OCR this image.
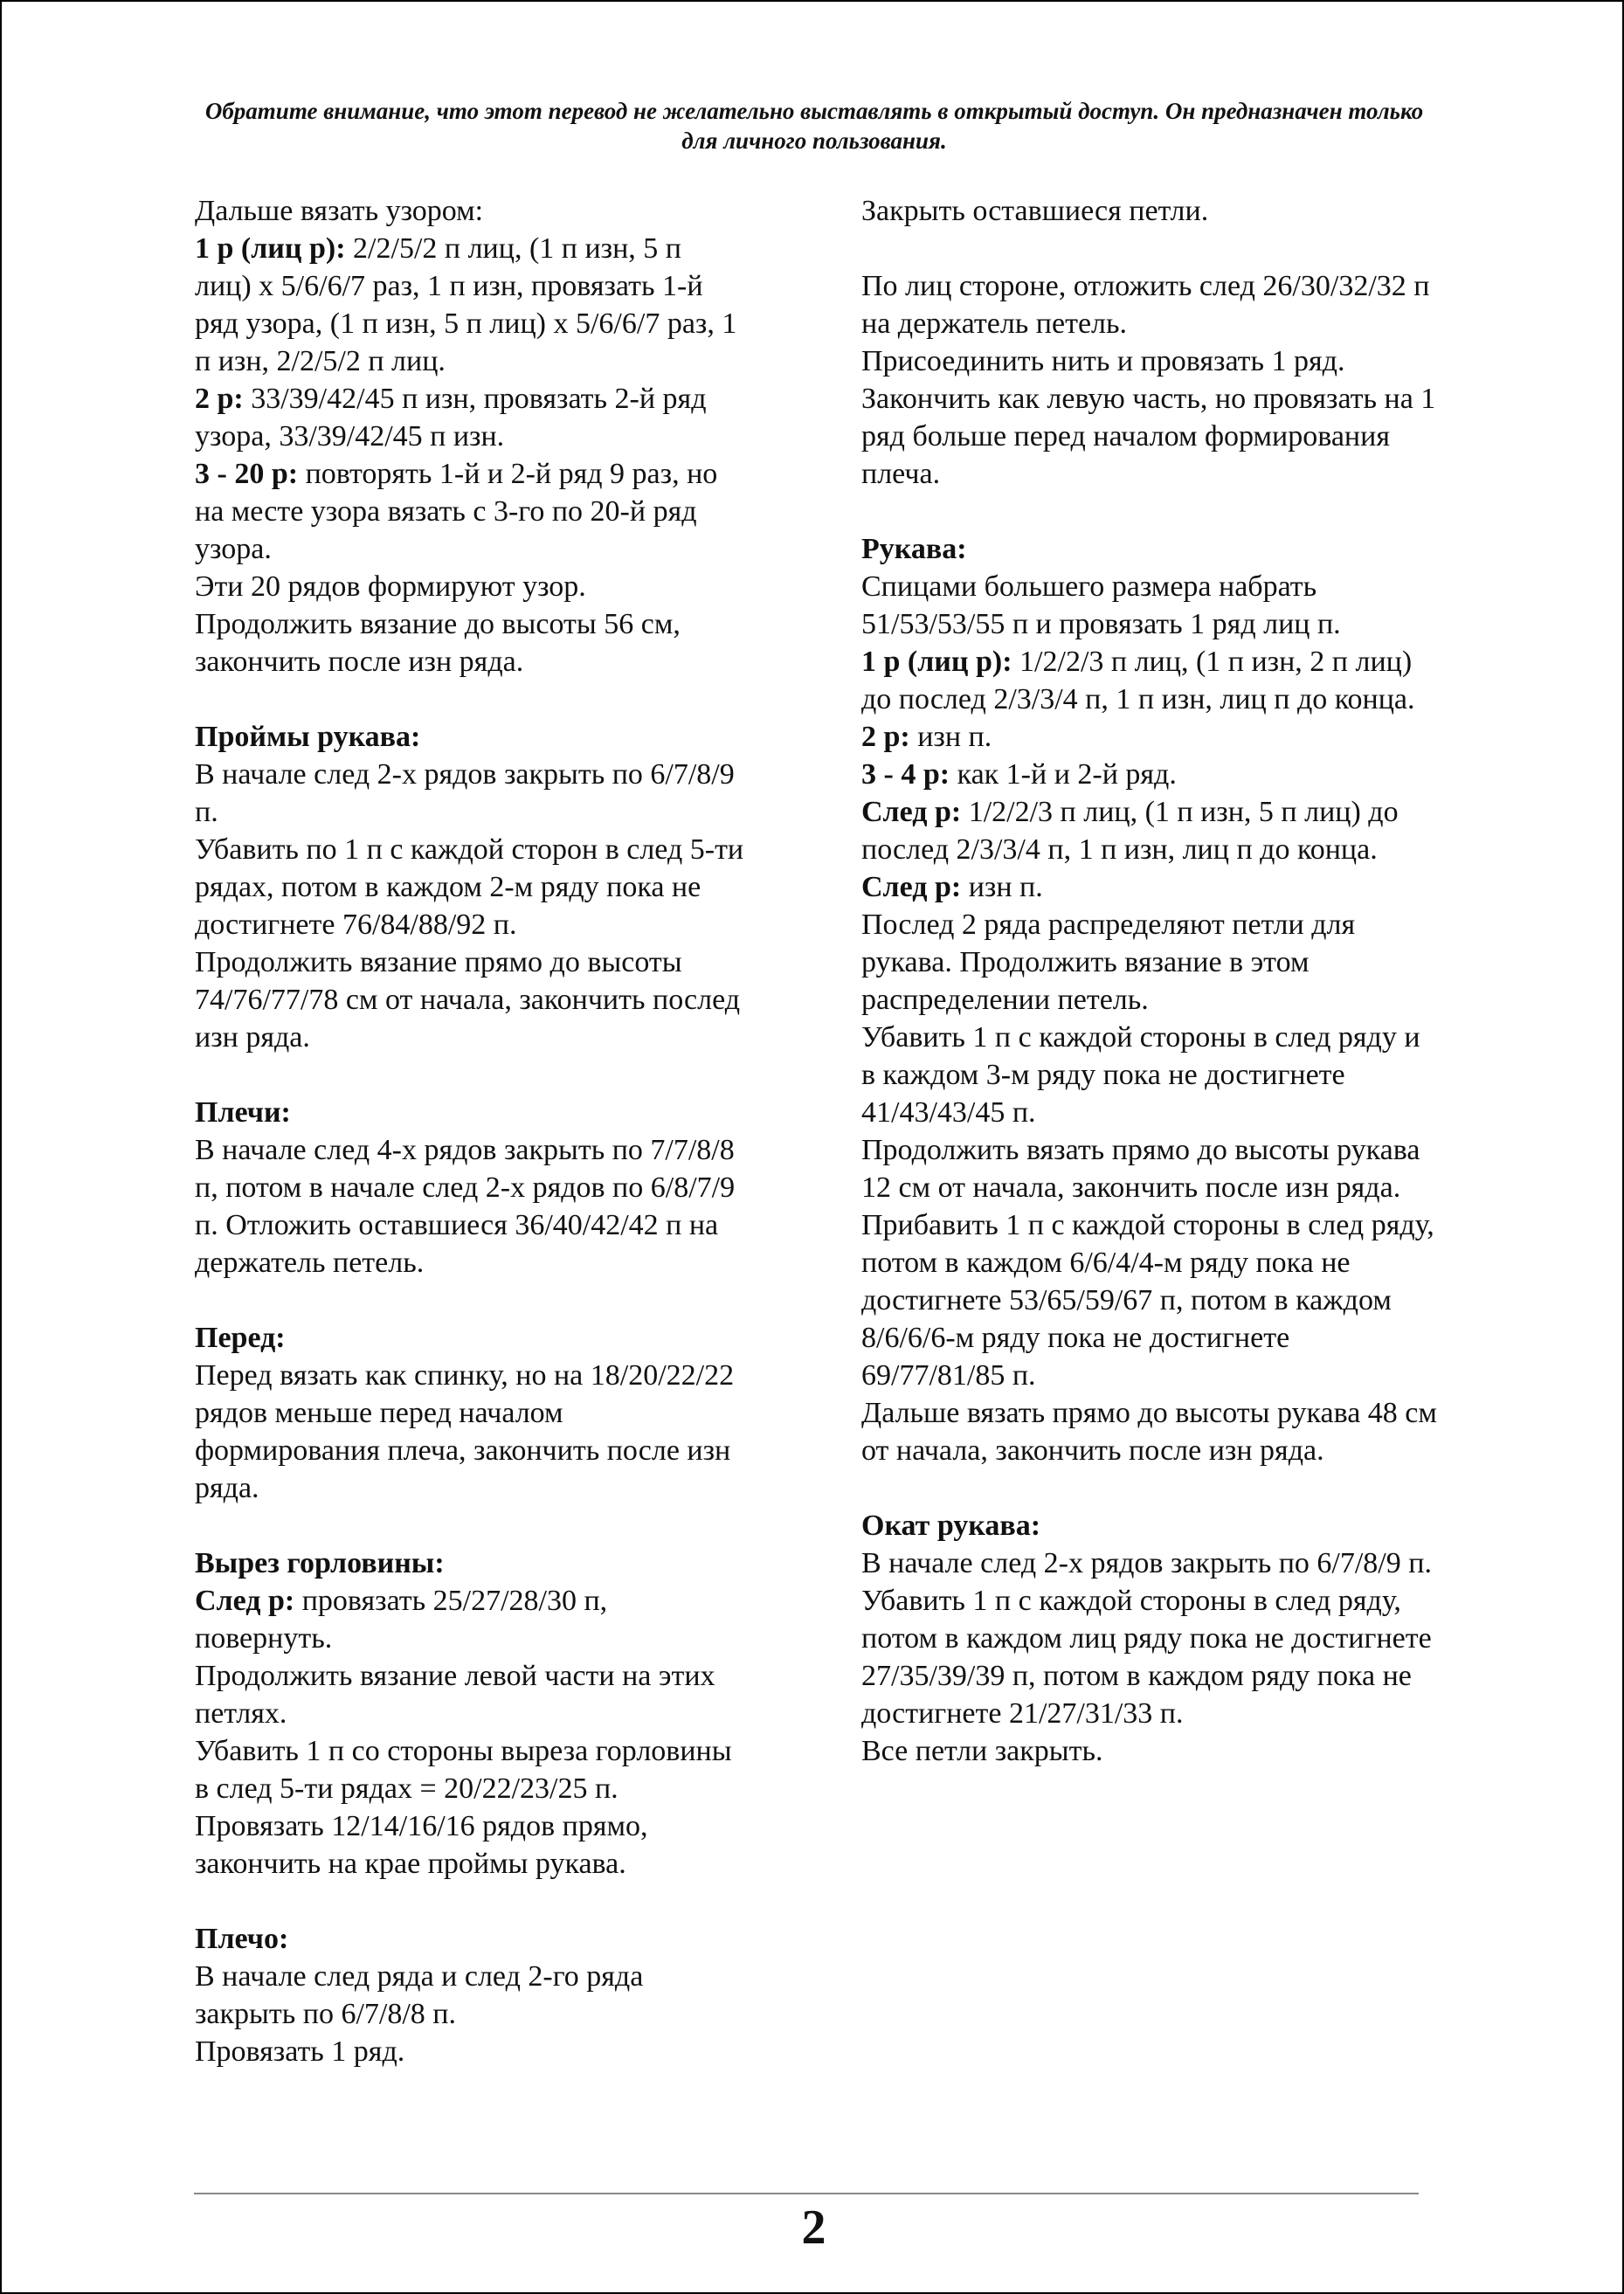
Обратите внимание, что этот перевод не желательно выставлять в открытый доступ. Он предназначен только для личного пользования.

Дальше вязать узором:

1 р (лиц р): 2/2/5/2 п лиц, (1 п изн, 5 п лиц) х 5/6/6/7 раз, 1 п изн, провязать 1-й ряд узора, (1 п изн, 5 п лиц) х 5/6/6/7 раз, 1 п изн, 2/2/5/2 п лиц.

2 р: 33/39/42/45 п изн, провязать 2-й ряд узора, 33/39/42/45 п изн.

3 - 20 р: повторять 1-й и 2-й ряд 9 раз, но на месте узора вязать с 3-го по 20-й ряд узора.

Эти 20 рядов формируют узор.

Продолжить вязание до высоты 56 см, закончить после изн ряда.

Проймы рукава:

В начале след 2-х рядов закрыть по 6/7/8/9 п.

Убавить по 1 п с каждой сторон в след 5-ти рядах, потом в каждом 2-м ряду пока не достигнете 76/84/88/92 п.

Продолжить вязание прямо до высоты 74/76/77/78 см от начала, закончить послед изн ряда.

Плечи:

В начале след 4-х рядов закрыть по 7/7/8/8 п, потом в начале след 2-х рядов по 6/8/7/9 п. Отложить оставшиеся 36/40/42/42 п на держатель петель.

Перед:

Перед вязать как спинку, но на 18/20/22/22 рядов меньше перед началом формирования плеча, закончить после изн ряда.

Вырез горловины:

След р: провязать 25/27/28/30 п, повернуть.

Продолжить вязание левой части на этих петлях.

Убавить 1 п со стороны выреза горловины в след 5-ти рядах = 20/22/23/25 п.

Провязать 12/14/16/16 рядов прямо, закончить на крае проймы рукава.

Плечо:

В начале след ряда и след 2-го ряда закрыть по 6/7/8/8 п.

Провязать 1 ряд.

Закрыть оставшиеся петли.

По лиц стороне, отложить след 26/30/32/32 п на держатель петель.

Присоединить нить и провязать 1 ряд.

Закончить как левую часть, но провязать на 1 ряд больше перед началом формирования плеча.

Рукава:

Спицами большего размера набрать 51/53/53/55 п и провязать 1 ряд лиц п.

1 р (лиц р): 1/2/2/3 п лиц, (1 п изн, 2 п лиц) до послед 2/3/3/4 п, 1 п изн, лиц п до конца.

2 р: изн п.

3 - 4 р: как 1-й и 2-й ряд.

След р: 1/2/2/3 п лиц, (1 п изн, 5 п лиц) до послед 2/3/3/4 п, 1 п изн, лиц п до конца.

След р: изн п.

Послед 2 ряда распределяют петли для рукава. Продолжить вязание в этом распределении петель.

Убавить 1 п с каждой стороны в след ряду и в каждом 3-м ряду пока не достигнете 41/43/43/45 п.

Продолжить вязать прямо до высоты рукава 12 см от начала, закончить после изн ряда.

Прибавить 1 п с каждой стороны в след ряду, потом в каждом 6/6/4/4-м ряду пока не достигнете 53/65/59/67 п, потом в каждом 8/6/6/6-м ряду пока не достигнете 69/77/81/85 п.

Дальше вязать прямо до высоты рукава 48 см от начала, закончить после изн ряда.

Окат рукава:

В начале след 2-х рядов закрыть по 6/7/8/9 п.

Убавить 1 п с каждой стороны в след ряду, потом в каждом лиц ряду пока не достигнете 27/35/39/39 п, потом в каждом ряду пока не достигнете 21/27/31/33 п.

Все петли закрыть.

2
